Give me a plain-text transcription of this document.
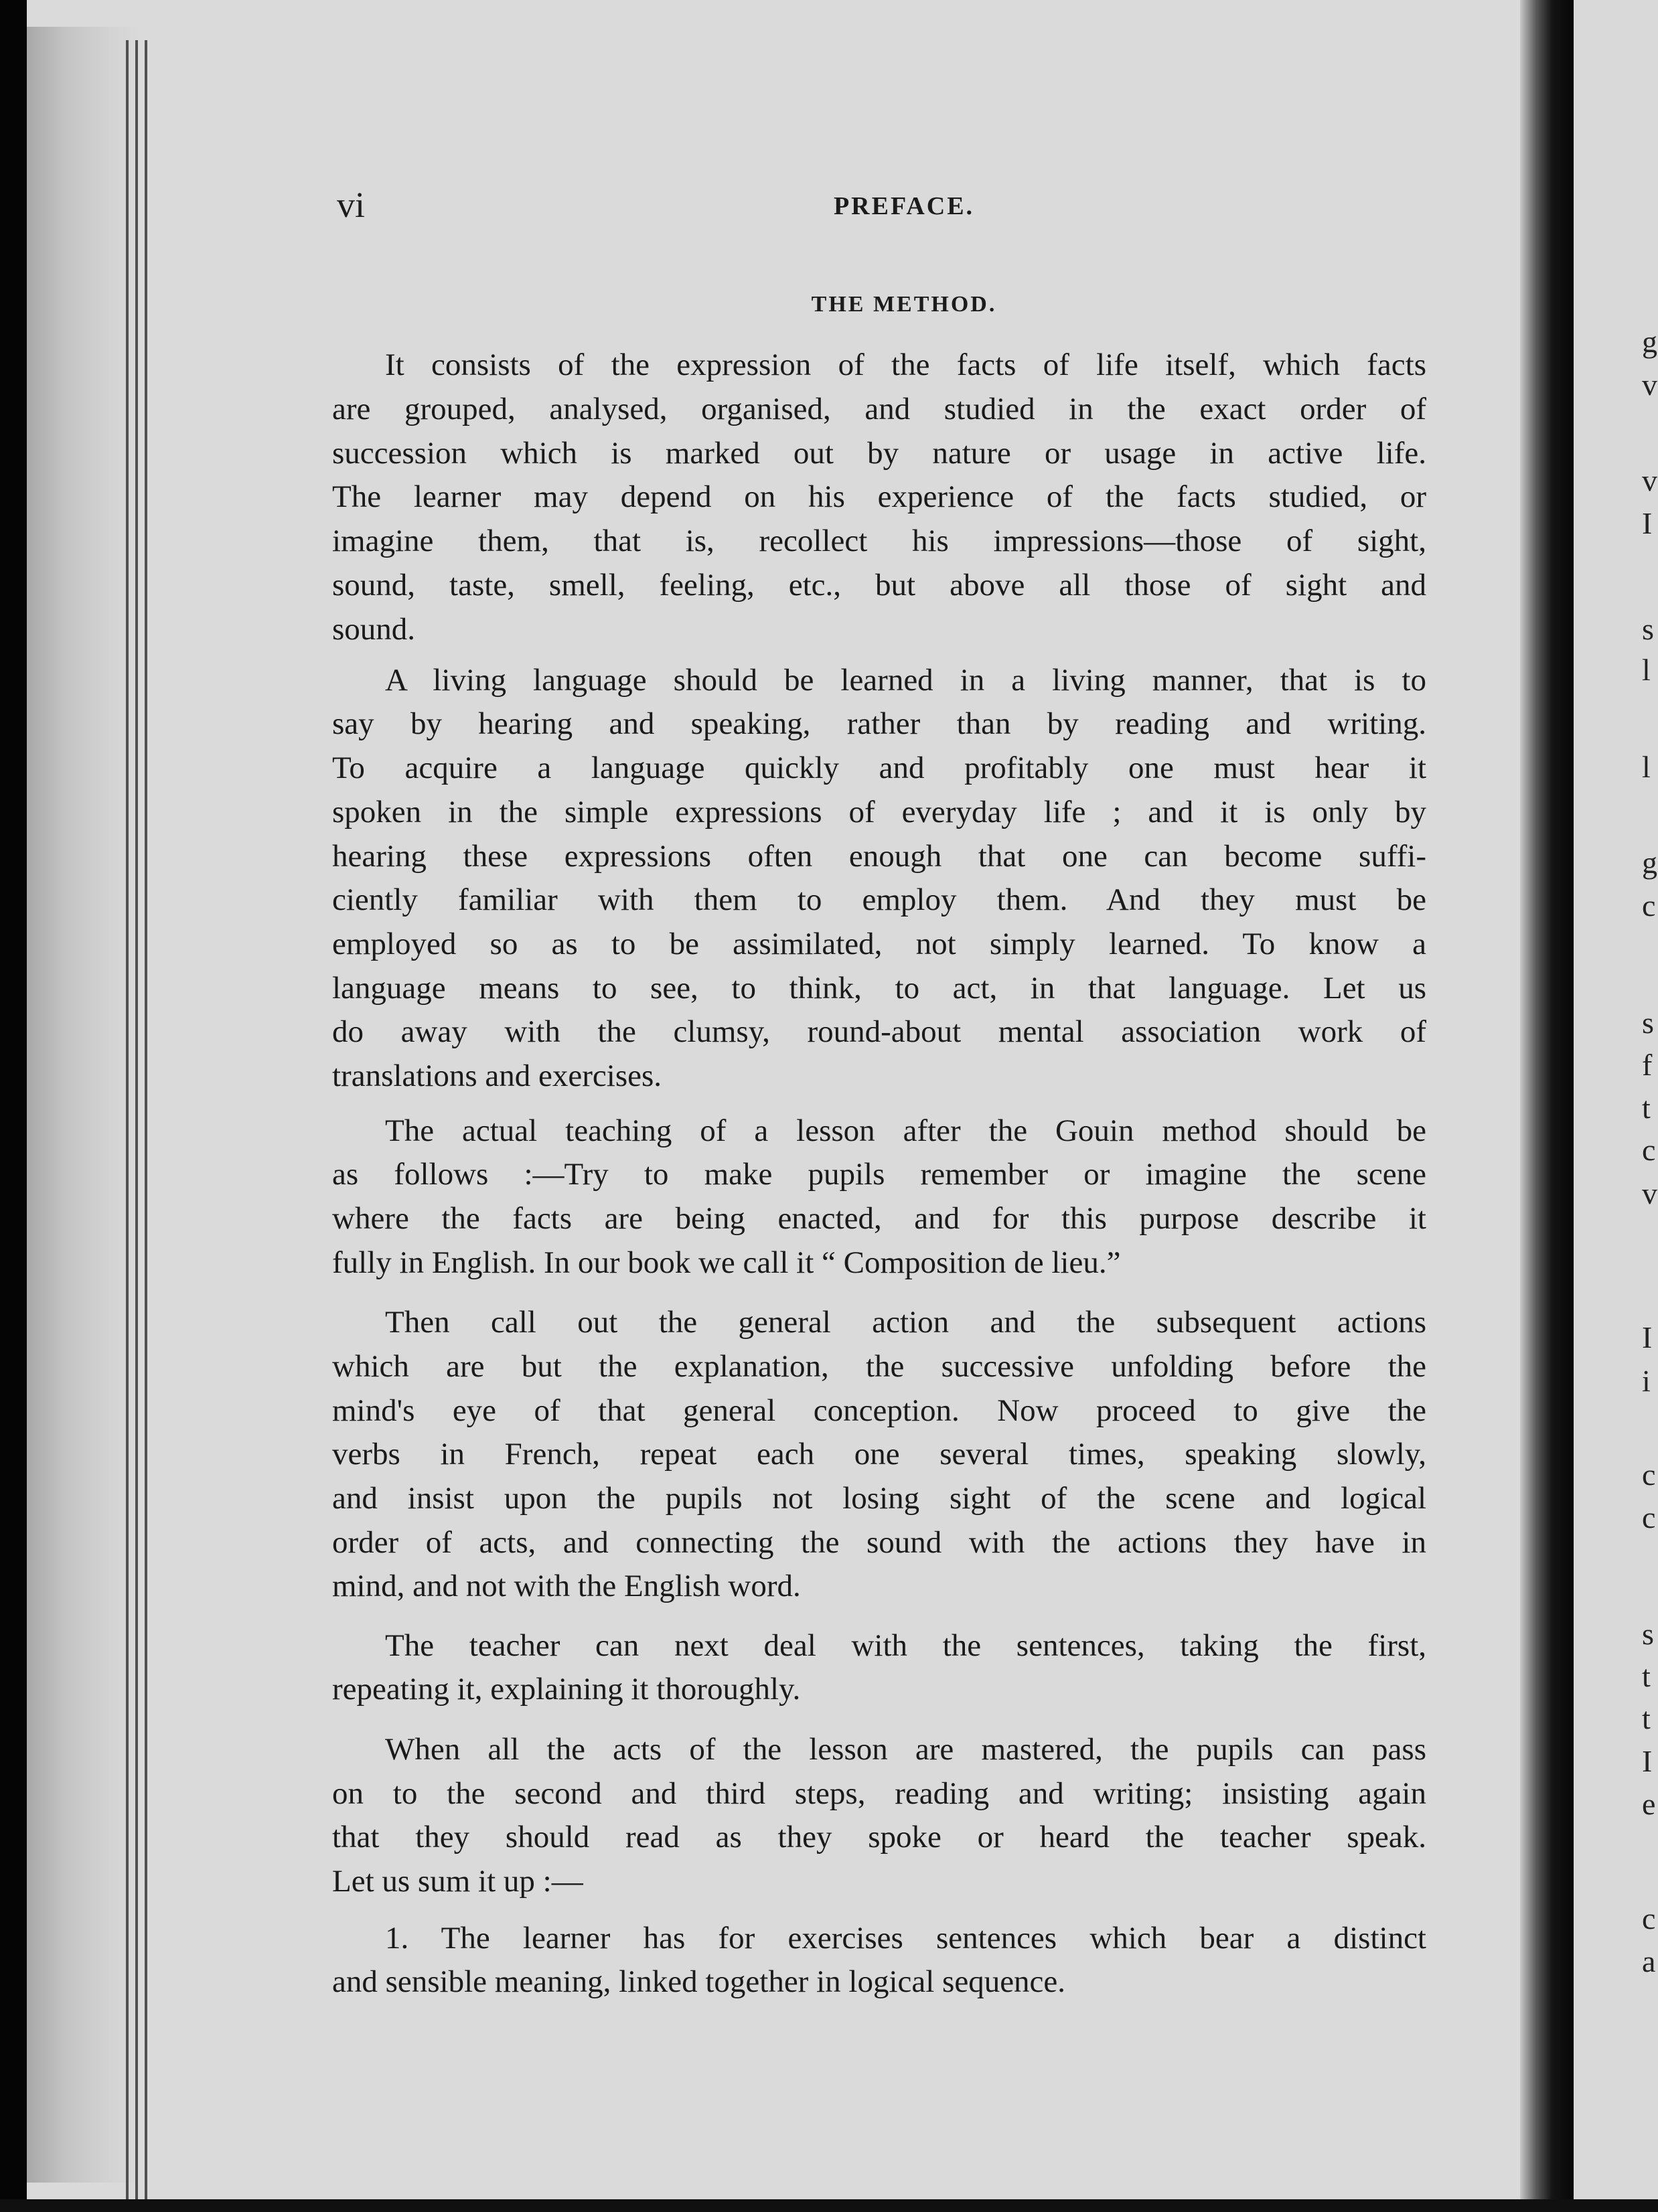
g
v
v
I
s
l
l
g
c
s
f
t
c
v
I
i
c
c
s
t
t
I
e
c
a
vi	PREFACE.
THE METHOD.
It consists of the expression of the facts of life itself, which facts
are grouped, analysed, organised, and studied in the exact order of
succession which is marked out by nature or usage in active life.
The learner may depend on his experience of the facts studied, or
imagine them, that is, recollect his impressions—those of sight,
sound, taste, smell, feeling, etc., but above all those of sight and
sound.
A living language should be learned in a living manner, that is to
say by hearing and speaking, rather than by reading and writing.
To acquire a language quickly and profitably one must hear it
spoken in the simple expressions of everyday life ; and it is only by
hearing these expressions often enough that one can become suffi-
ciently familiar with them to employ them. And they must be
employed so as to be assimilated, not simply learned. To know a
language means to see, to think, to act, in that language. Let us
do away with the clumsy, round-about mental association work of
translations and exercises.
The actual teaching of a lesson after the Gouin method should be
as follows :—Try to make pupils remember or imagine the scene
where the facts are being enacted, and for this purpose describe it
fully in English. In our book we call it “ Composition de lieu.”
Then call out the general action and the subsequent actions
which are but the explanation, the successive unfolding before the
mind's eye of that general conception. Now proceed to give the
verbs in French, repeat each one several times, speaking slowly,
and insist upon the pupils not losing sight of the scene and logical
order of acts, and connecting the sound with the actions they have in
mind, and not with the English word.
The teacher can next deal with the sentences, taking the first,
repeating it, explaining it thoroughly.
When all the acts of the lesson are mastered, the pupils can pass
on to the second and third steps, reading and writing; insisting again
that they should read as they spoke or heard the teacher speak.
Let us sum it up :—
1. The learner has for exercises sentences which bear a distinct
and sensible meaning, linked together in logical sequence.
